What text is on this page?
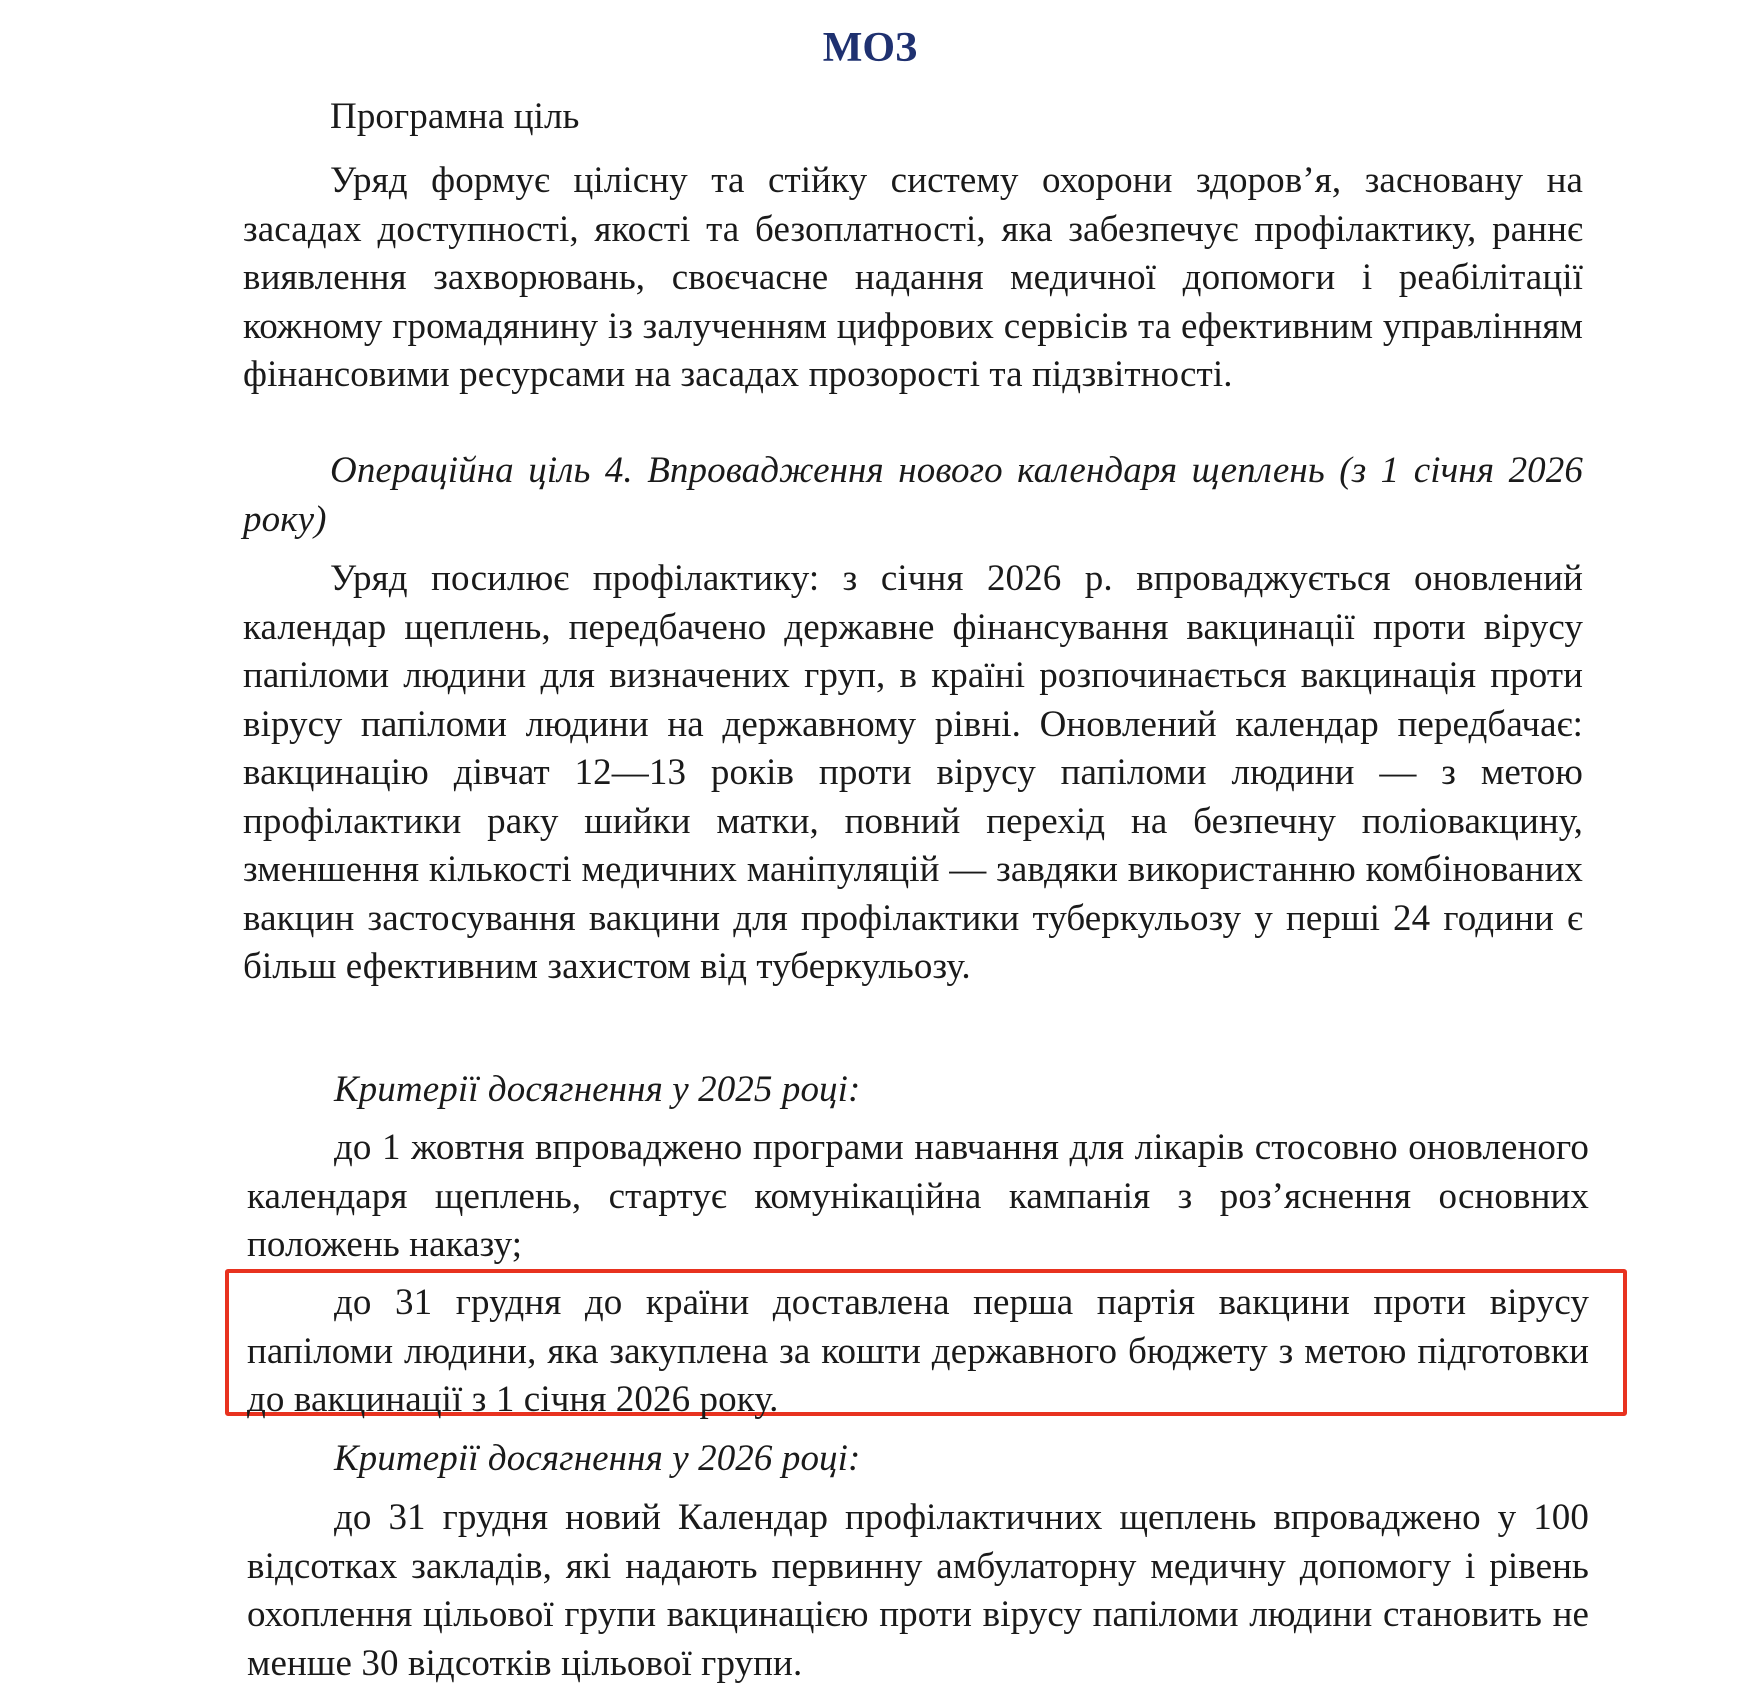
МОЗ

Програмна ціль

Уряд формує цілісну та стійку систему охорони здоров’я, засновану на засадах доступності, якості та безоплатності, яка забезпечує профілактику, раннє виявлення захворювань, своєчасне надання медичної допомоги і реабілітації кожному громадянину із залученням цифрових сервісів та ефективним управлінням фінансовими ресурсами на засадах прозорості та підзвітності.

Операційна ціль 4. Впровадження нового календаря щеплень (з 1 січня 2026 року)

Уряд посилює профілактику: з січня 2026 р. впроваджується оновлений календар щеплень, передбачено державне фінансування вакцинації проти вірусу папіломи людини для визначених груп, в країні розпочинається вакцинація проти вірусу папіломи людини на державному рівні. Оновлений календар передбачає: вакцинацію дівчат 12—13 років проти вірусу папіломи людини — з метою профілактики раку шийки матки, повний перехід на безпечну поліовакцину, зменшення кількості медичних маніпуляцій — завдяки використанню комбінованих вакцин застосування вакцини для профілактики туберкульозу у перші 24 години є більш ефективним захистом від туберкульозу.

Критерії досягнення у 2025 році:

до 1 жовтня впроваджено програми навчання для лікарів стосовно оновленого календаря щеплень, стартує комунікаційна кампанія з роз’яснення основних положень наказу;

до 31 грудня до країни доставлена перша партія вакцини проти вірусу папіломи людини, яка закуплена за кошти державного бюджету з метою підготовки до вакцинації з 1 січня 2026 року.

Критерії досягнення у 2026 році:

до 31 грудня новий Календар профілактичних щеплень впроваджено у 100 відсотках закладів, які надають первинну амбулаторну медичну допомогу і рівень охоплення цільової групи вакцинацією проти вірусу папіломи людини становить не менше 30 відсотків цільової групи.
